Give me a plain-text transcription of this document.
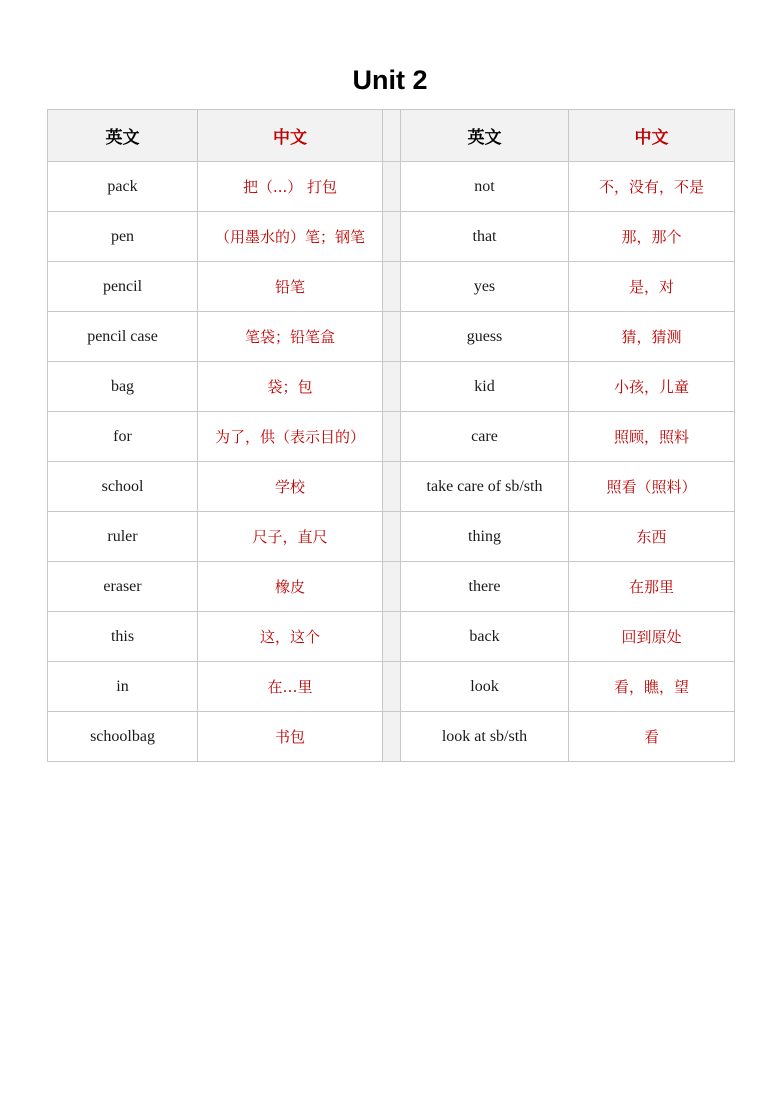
Unit 2
英文	中文		英文	中文
pack	把（...） 打包		not	不，没有，不是
pen	（用墨水的）笔；钢笔		that	那，那个
pencil	铅笔		yes	是，对
pencil case	笔袋；铅笔盒		guess	猜，猜测
bag	袋；包		kid	小孩，儿童
for	为了，供（表示目的）		care	照顾，照料
school	学校		take care of sb/sth	照看（照料）
ruler	尺子，直尺		thing	东西
eraser	橡皮		there	在那里
this	这，这个		back	回到原处
in	在…里		look	看，瞧，望
schoolbag	书包		look at sb/sth	看
